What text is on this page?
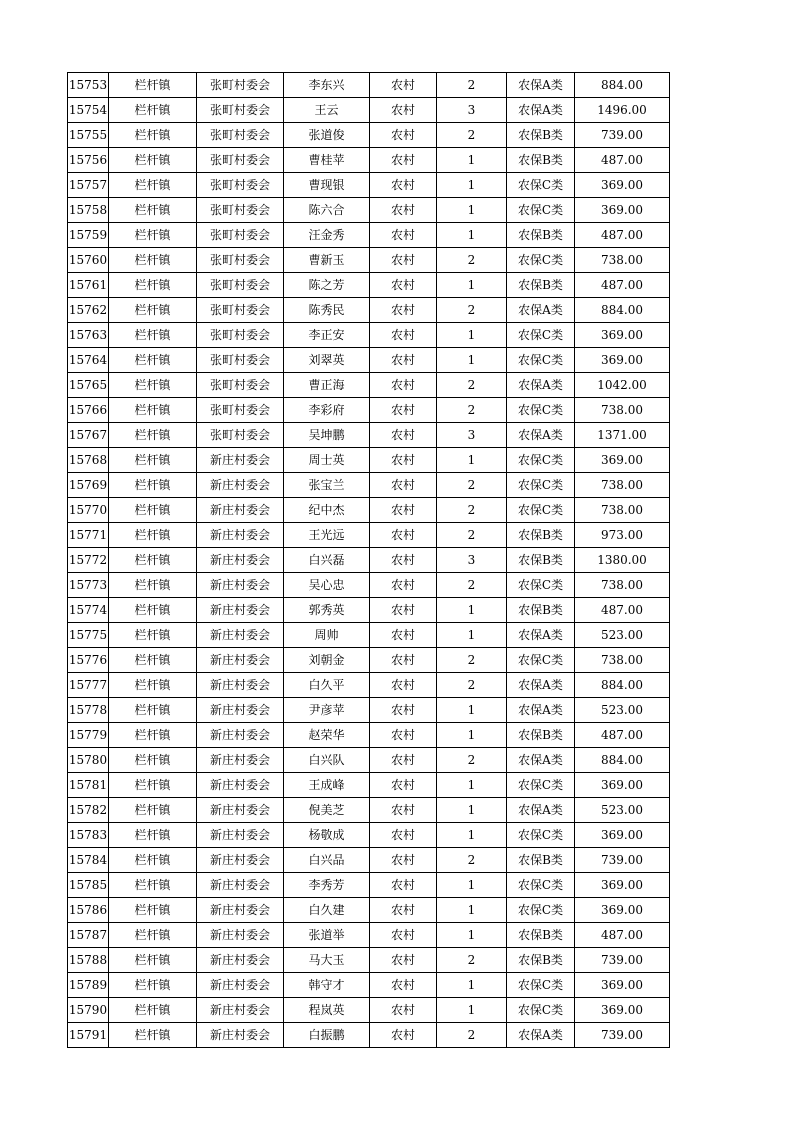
15753	栏杆镇	张町村委会	李东兴	农村	2	农保A类	884.00
15754	栏杆镇	张町村委会	王云	农村	3	农保A类	1496.00
15755	栏杆镇	张町村委会	张道俊	农村	2	农保B类	739.00
15756	栏杆镇	张町村委会	曹桂苹	农村	1	农保B类	487.00
15757	栏杆镇	张町村委会	曹现银	农村	1	农保C类	369.00
15758	栏杆镇	张町村委会	陈六合	农村	1	农保C类	369.00
15759	栏杆镇	张町村委会	汪金秀	农村	1	农保B类	487.00
15760	栏杆镇	张町村委会	曹新玉	农村	2	农保C类	738.00
15761	栏杆镇	张町村委会	陈之芳	农村	1	农保B类	487.00
15762	栏杆镇	张町村委会	陈秀民	农村	2	农保A类	884.00
15763	栏杆镇	张町村委会	李正安	农村	1	农保C类	369.00
15764	栏杆镇	张町村委会	刘翠英	农村	1	农保C类	369.00
15765	栏杆镇	张町村委会	曹正海	农村	2	农保A类	1042.00
15766	栏杆镇	张町村委会	李彩府	农村	2	农保C类	738.00
15767	栏杆镇	张町村委会	吴坤鹏	农村	3	农保A类	1371.00
15768	栏杆镇	新庄村委会	周士英	农村	1	农保C类	369.00
15769	栏杆镇	新庄村委会	张宝兰	农村	2	农保C类	738.00
15770	栏杆镇	新庄村委会	纪中杰	农村	2	农保C类	738.00
15771	栏杆镇	新庄村委会	王光远	农村	2	农保B类	973.00
15772	栏杆镇	新庄村委会	白兴磊	农村	3	农保B类	1380.00
15773	栏杆镇	新庄村委会	吴心忠	农村	2	农保C类	738.00
15774	栏杆镇	新庄村委会	郭秀英	农村	1	农保B类	487.00
15775	栏杆镇	新庄村委会	周帅	农村	1	农保A类	523.00
15776	栏杆镇	新庄村委会	刘朝金	农村	2	农保C类	738.00
15777	栏杆镇	新庄村委会	白久平	农村	2	农保A类	884.00
15778	栏杆镇	新庄村委会	尹彦苹	农村	1	农保A类	523.00
15779	栏杆镇	新庄村委会	赵荣华	农村	1	农保B类	487.00
15780	栏杆镇	新庄村委会	白兴队	农村	2	农保A类	884.00
15781	栏杆镇	新庄村委会	王成峰	农村	1	农保C类	369.00
15782	栏杆镇	新庄村委会	倪美芝	农村	1	农保A类	523.00
15783	栏杆镇	新庄村委会	杨敬成	农村	1	农保C类	369.00
15784	栏杆镇	新庄村委会	白兴品	农村	2	农保B类	739.00
15785	栏杆镇	新庄村委会	李秀芳	农村	1	农保C类	369.00
15786	栏杆镇	新庄村委会	白久建	农村	1	农保C类	369.00
15787	栏杆镇	新庄村委会	张道举	农村	1	农保B类	487.00
15788	栏杆镇	新庄村委会	马大玉	农村	2	农保B类	739.00
15789	栏杆镇	新庄村委会	韩守才	农村	1	农保C类	369.00
15790	栏杆镇	新庄村委会	程岚英	农村	1	农保C类	369.00
15791	栏杆镇	新庄村委会	白振鹏	农村	2	农保A类	739.00
